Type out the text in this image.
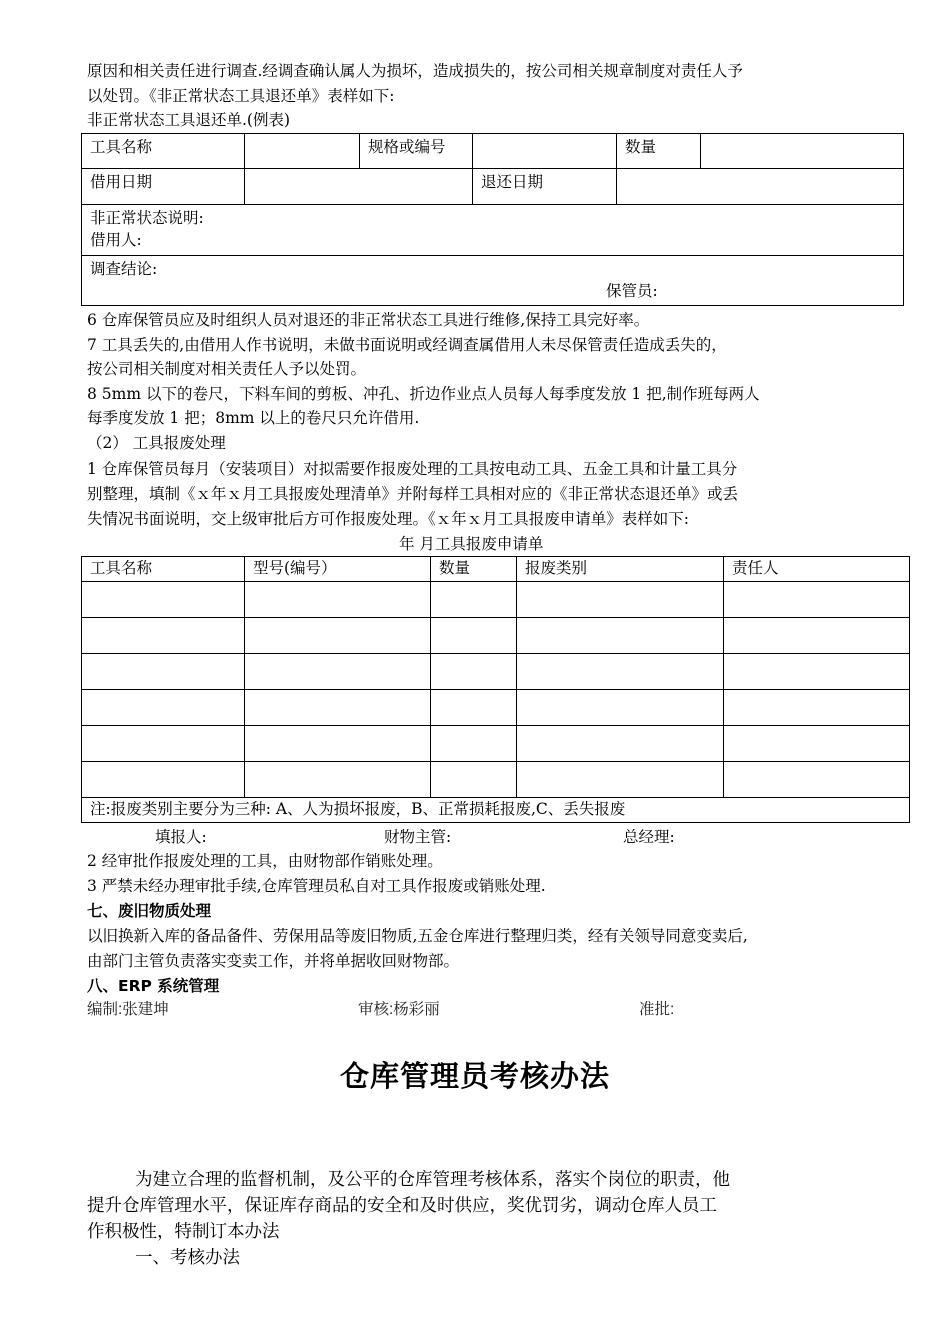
原因和相关责任进行调查.经调查确认属人为损坏，造成损失的，按公司相关规章制度对责任人予
以处罚。《非正常状态工具退还单》表样如下:
非正常状态工具退还单.(例表)
工具名称		规格或编号		数量	

借用日期			退还日期		

非正常状态说明:
借用人:					

调查结论:
保管员:					
6 仓库保管员应及时组织人员对退还的非正常状态工具进行维修,保持工具完好率。
7 工具丢失的,由借用人作书说明，未做书面说明或经调查属借用人未尽保管责任造成丢失的，
按公司相关制度对相关责任人予以处罚。
8 5mm 以下的卷尺，下料车间的剪板、冲孔、折边作业点人员每人每季度发放 1 把,制作班每两人
每季度发放 1 把；8mm 以上的卷尺只允许借用.
（2） 工具报废处理
1 仓库保管员每月（安装项目）对拟需要作报废处理的工具按电动工具、五金工具和计量工具分
别整理，填制《ｘ年ｘ月工具报废处理清单》并附每样工具相对应的《非正常状态退还单》或丢
失情况书面说明，交上级审批后方可作报废处理。《ｘ年ｘ月工具报废申请单》表样如下:
年 月工具报废申请单
工具名称	型号(编号）	数量	报废类别	责任人

注:报废类别主要分为三种: A、人为损坏报废，B、正常损耗报废,C、丢失报废				
填报人:	财物主管:	总经理:
2 经审批作报废处理的工具，由财物部作销账处理。
3 严禁未经办理审批手续,仓库管理员私自对工具作报废或销账处理.
七、废旧物质处理
以旧换新入库的备品备件、劳保用品等废旧物质,五金仓库进行整理归类，经有关领导同意变卖后,
由部门主管负责落实变卖工作，并将单据收回财物部。
八、ERP 系统管理
编制:张建坤	审核:杨彩丽	准批:
仓库管理员考核办法
为建立合理的监督机制，及公平的仓库管理考核体系，落实个岗位的职责，他
提升仓库管理水平，保证库存商品的安全和及时供应，奖优罚劣，调动仓库人员工
作积极性，特制订本办法
一、考核办法
